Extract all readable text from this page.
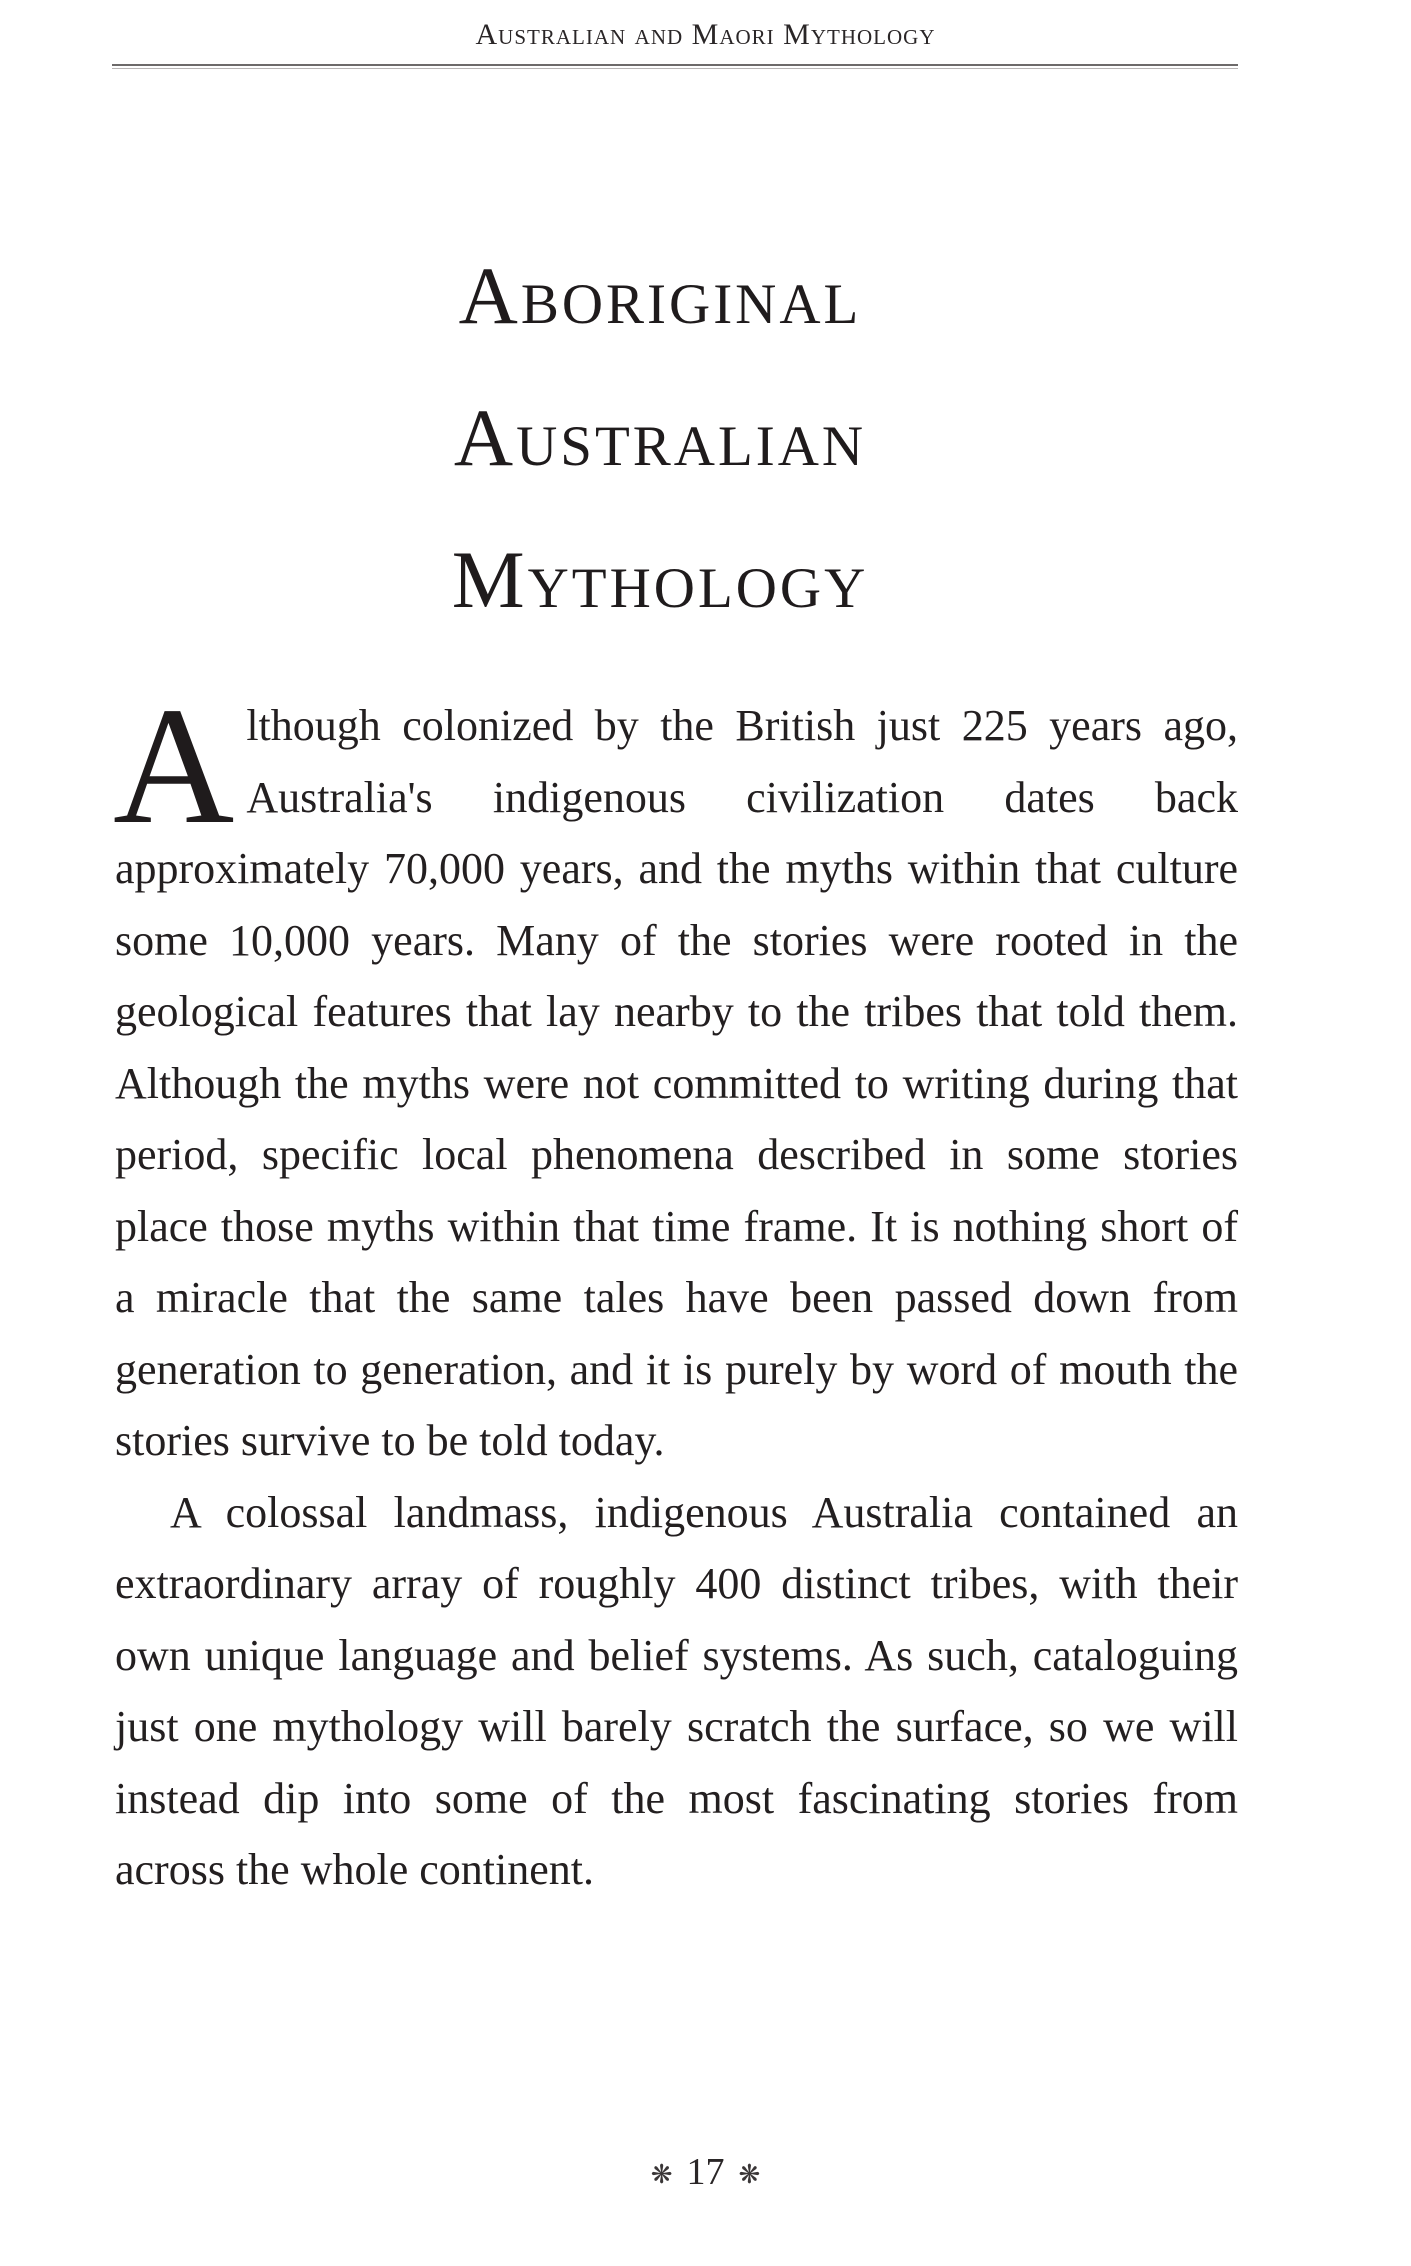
Australian and Maori Mythology
Aboriginal
Australian
Mythology

Although colonized by the British just 225 years ago, Australia's indigenous civilization dates back approximately 70,000 years, and the myths within that culture some 10,000 years. Many of the stories were rooted in the geological features that lay nearby to the tribes that told them. Although the myths were not committed to writing during that period, specific local phenomena described in some stories place those myths within that time frame. It is nothing short of a miracle that the same tales have been passed down from generation to generation, and it is purely by word of mouth the stories survive to be told today.

A colossal landmass, indigenous Australia contained an extraordinary array of roughly 400 distinct tribes, with their own unique language and belief systems. As such, cataloguing just one mythology will barely scratch the surface, so we will instead dip into some of the most fascinating stories from across the whole continent.

❋ 17 ❋
